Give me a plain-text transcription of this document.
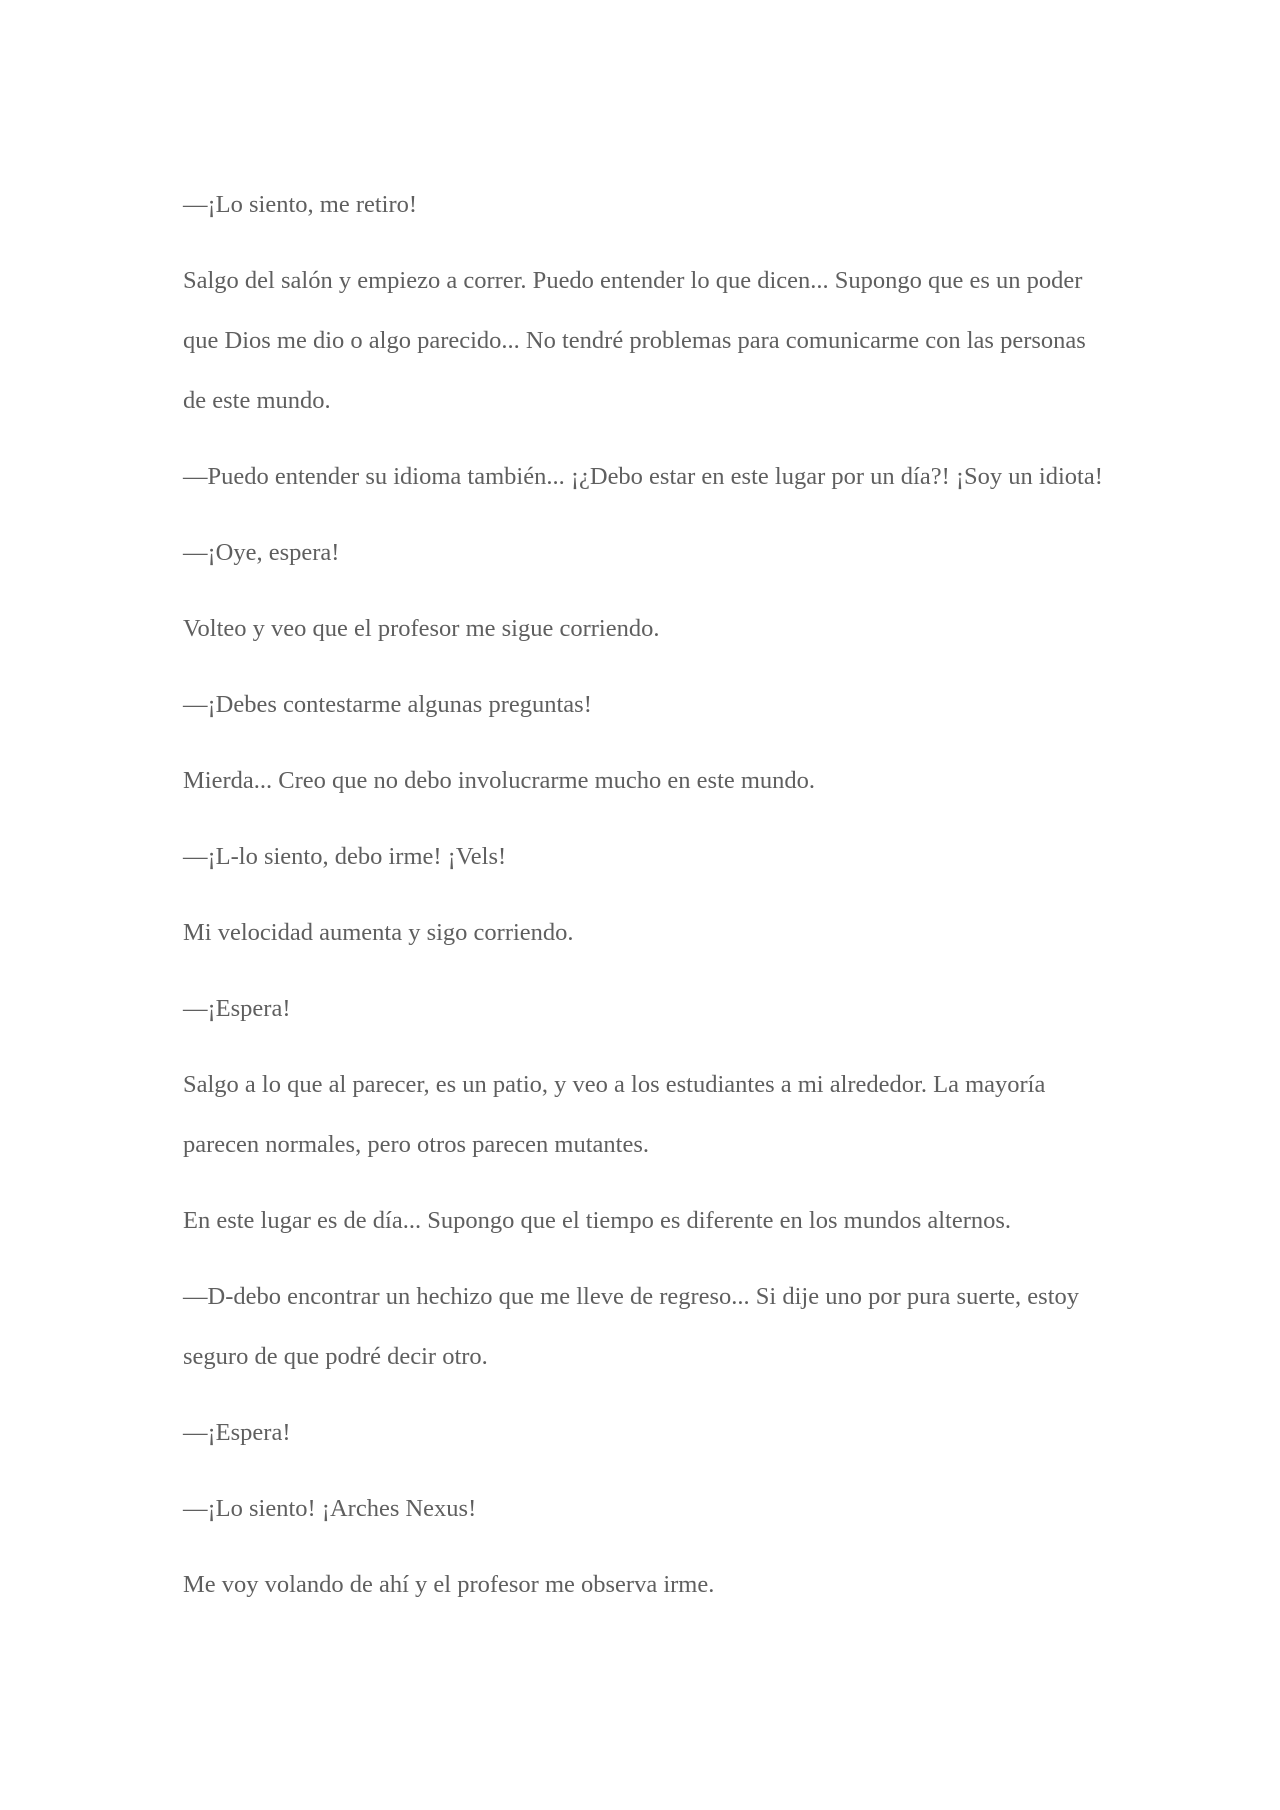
—¡Lo siento, me retiro!

Salgo del salón y empiezo a correr. Puedo entender lo que dicen... Supongo que es un poder que Dios me dio o algo parecido... No tendré problemas para comunicarme con las personas de este mundo.

—Puedo entender su idioma también... ¡¿Debo estar en este lugar por un día?! ¡Soy un idiota!

—¡Oye, espera!

Volteo y veo que el profesor me sigue corriendo.

—¡Debes contestarme algunas preguntas!

Mierda... Creo que no debo involucrarme mucho en este mundo.

—¡L-lo siento, debo irme! ¡Vels!

Mi velocidad aumenta y sigo corriendo.

—¡Espera!

Salgo a lo que al parecer, es un patio, y veo a los estudiantes a mi alrededor. La mayoría parecen normales, pero otros parecen mutantes.

En este lugar es de día... Supongo que el tiempo es diferente en los mundos alternos.

—D-debo encontrar un hechizo que me lleve de regreso... Si dije uno por pura suerte, estoy seguro de que podré decir otro.

—¡Espera!

—¡Lo siento! ¡Arches Nexus!

Me voy volando de ahí y el profesor me observa irme.
